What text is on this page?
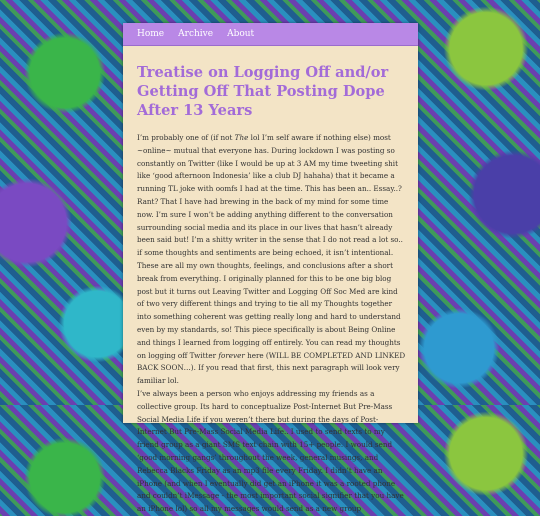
Home Archive About
Treatise on Logging Off and/or Getting Off That Posting Dope After 13 Years

I’m probably one of (if not The lol I’m self aware if nothing else) most ~online~ mutual that everyone has. During lockdown I was posting so constantly on Twitter (like I would be up at 3 AM my time tweeting shit like ‘good afternoon Indonesia’ like a club DJ hahaha) that it became a running TL joke with oomfs I had at the time. This has been an.. Essay..? Rant? That I have had brewing in the back of my mind for some time now. I’m sure I won’t be adding anything different to the conversation surrounding social media and its place in our lives that hasn’t already been said but! I’m a shitty writer in the sense that I do not read a lot so.. if some thoughts and sentiments are being echoed, it isn’t intentional. These are all my own thoughts, feelings, and conclusions after a short break from everything. I originally planned for this to be one big blog post but it turns out Leaving Twitter and Logging Off Soc Med are kind of two very different things and trying to tie all my Thoughts together into something coherent was getting really long and hard to understand even by my standards, so! This piece specifically is about Being Online and things I learned from logging off entirely. You can read my thoughts on logging off Twitter forever here (WILL BE COMPLETED AND LINKED BACK SOON…). If you read that first, this next paragraph will look very familiar lol.

I’ve always been a person who enjoys addressing my friends as a collective group. Its hard to conceptualize Post-Internet But Pre-Mass Social Media Life if you weren’t there but during the days of Post-Internet But Pre-Mass Social Media Life.. I used to send texts to my friend group as a giant SMS text chain with 15+ people. I would send ‘good morning gangs’ throughout the week, general musings, and Rebecca Blacks Friday as an mp3 file every Friday. I didn’t have an iPhone (and when I eventually did get an iPhone it was a rooted phone and couldn’t iMessage - the most important social signifier that you have an iPhone lol) so all my messages would send as a new group
